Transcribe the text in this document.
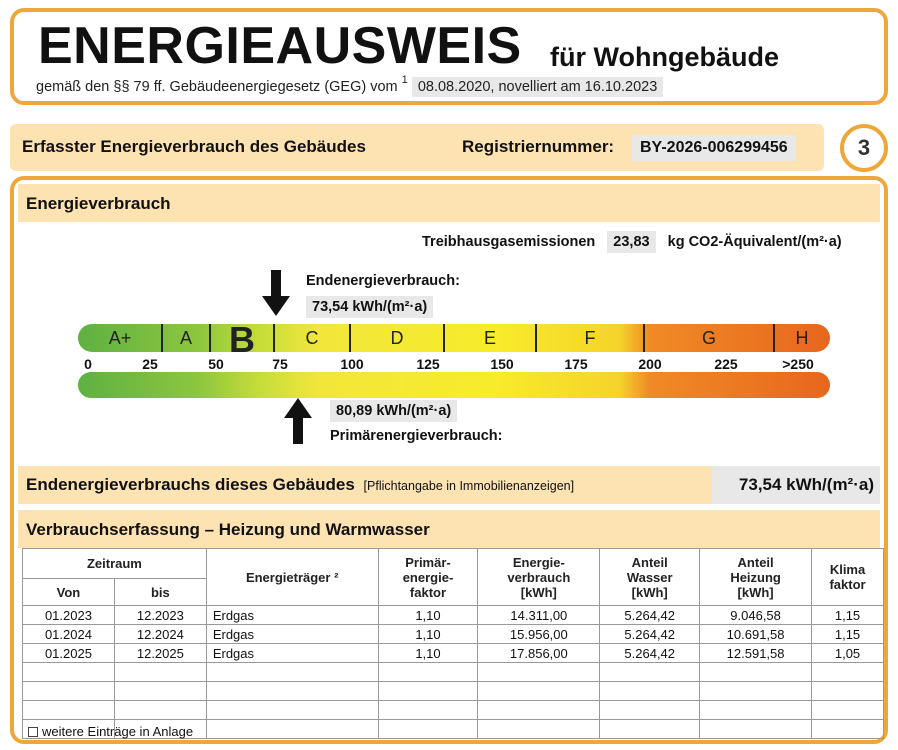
ENERGIEAUSWEIS für Wohngebäude
gemäß den §§ 79 ff. Gebäudeenergiegesetz (GEG) vom $^1$ 08.08.2020, novelliert am 16.10.2023
Erfasster Energieverbrauch des Gebäudes	Registriernummer:	BY-2026-006299456	3
Energieverbrauch
Treibhausgasemissionen 23,83 kg CO2-Äquivalent/(m²·a)
Endenergieverbrauch:
73,54 kWh/(m²·a)
A+	A	B	C	D	E	F	G	H
0	25	50	75	100	125	150	175	200	225	>250
80,89 kWh/(m²·a)
Primärenergieverbrauch:
Endenergieverbrauchs dieses Gebäudes [Pflichtangabe in Immobilienanzeigen]	73,54 kWh/(m²·a)
Verbrauchserfassung – Heizung und Warmwasser
Zeitraum		Energieträger ²	Primär-
energie-
faktor	Energie-
verbrauch
[kWh]	Anteil
Wasser
[kWh]	Anteil
Heizung
[kWh]	Klima
faktor
Von	bis						
01.2023	12.2023	Erdgas	1,10	14.311,00	5.264,42	9.046,58	1,15
01.2024	12.2024	Erdgas	1,10	15.956,00	5.264,42	10.691,58	1,15
01.2025	12.2025	Erdgas	1,10	17.856,00	5.264,42	12.591,58	1,05

weitere Einträge in Anlage
